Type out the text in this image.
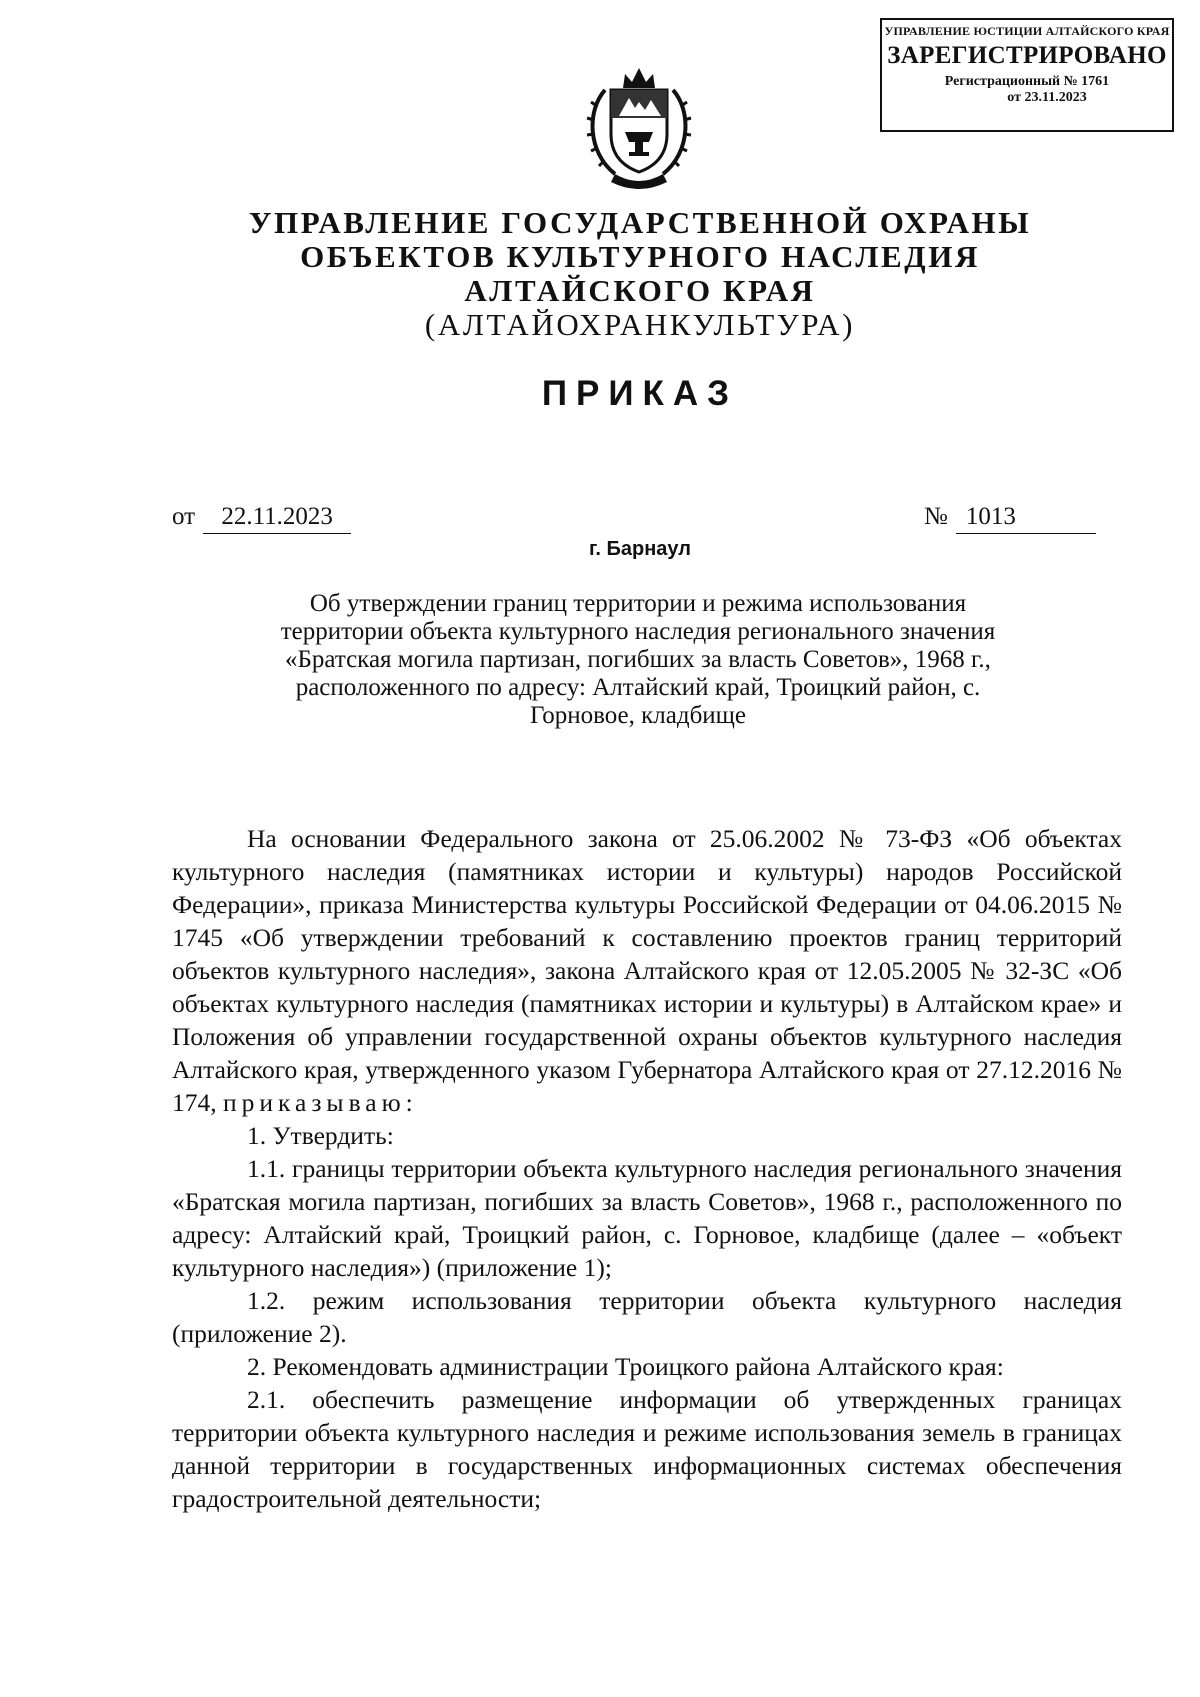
УПРАВЛЕНИЕ ЮСТИЦИИ АЛТАЙСКОГО КРАЯ
ЗАРЕГИСТРИРОВАНО
Регистрационный № 1761
от 23.11.2023
УПРАВЛЕНИЕ ГОСУДАРСТВЕННОЙ ОХРАНЫ
ОБЪЕКТОВ КУЛЬТУРНОГО НАСЛЕДИЯ
АЛТАЙСКОГО КРАЯ
(АЛТАЙОХРАНКУЛЬТУРА)
ПРИКАЗ
от 22.11.2023	№ 1013
г. Барнаул
Об утверждении границ территории и режима использования территории объекта культурного наследия регионального значения «Братская могила партизан, погибших за власть Советов», 1968 г., расположенного по адресу: Алтайский край, Троицкий район, с. Горновое, кладбище

На основании Федерального закона от 25.06.2002 № 73-ФЗ «Об объектах культурного наследия (памятниках истории и культуры) народов Российской Федерации», приказа Министерства культуры Российской Федерации от 04.06.2015 № 1745 «Об утверждении требований к составлению проектов границ территорий объектов культурного наследия», закона Алтайского края от 12.05.2005 № 32-ЗС «Об объектах культурного наследия (памятниках истории и культуры) в Алтайском крае» и Положения об управлении государственной охраны объектов культурного наследия Алтайского края, утвержденного указом Губернатора Алтайского края от 27.12.2016 № 174, приказываю:

1. Утвердить:

1.1. границы территории объекта культурного наследия регионального значения «Братская могила партизан, погибших за власть Советов», 1968 г., расположенного по адресу: Алтайский край, Троицкий район, с. Горновое, кладбище (далее – «объект культурного наследия») (приложение 1);

1.2. режим использования территории объекта культурного наследия (приложение 2).

2. Рекомендовать администрации Троицкого района Алтайского края:

2.1. обеспечить размещение информации об утвержденных границах территории объекта культурного наследия и режиме использования земель в границах данной территории в государственных информационных системах обеспечения градостроительной деятельности;
